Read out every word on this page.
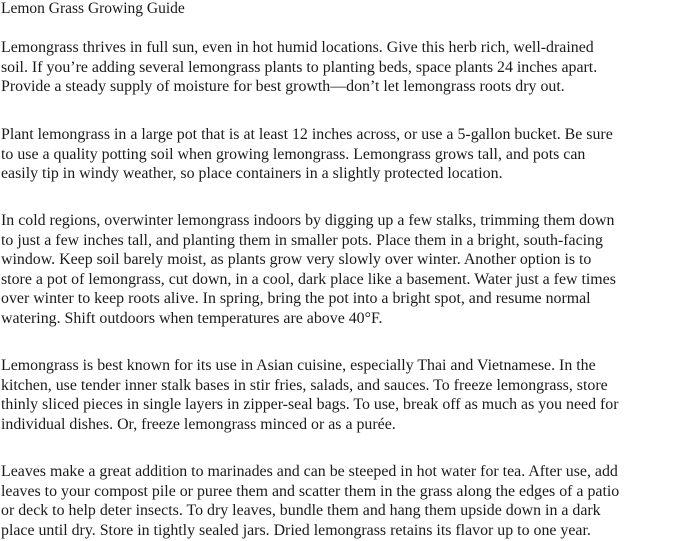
Lemon Grass Growing Guide

Lemongrass thrives in full sun, even in hot humid locations. Give this herb rich, well-drained
soil. If you’re adding several lemongrass plants to planting beds, space plants 24 inches apart.
Provide a steady supply of moisture for best growth—don’t let lemongrass roots dry out.

Plant lemongrass in a large pot that is at least 12 inches across, or use a 5-gallon bucket. Be sure
to use a quality potting soil when growing lemongrass. Lemongrass grows tall, and pots can
easily tip in windy weather, so place containers in a slightly protected location.

In cold regions, overwinter lemongrass indoors by digging up a few stalks, trimming them down
to just a few inches tall, and planting them in smaller pots. Place them in a bright, south-facing
window. Keep soil barely moist, as plants grow very slowly over winter. Another option is to
store a pot of lemongrass, cut down, in a cool, dark place like a basement. Water just a few times
over winter to keep roots alive. In spring, bring the pot into a bright spot, and resume normal
watering. Shift outdoors when temperatures are above 40°F.

Lemongrass is best known for its use in Asian cuisine, especially Thai and Vietnamese. In the
kitchen, use tender inner stalk bases in stir fries, salads, and sauces. To freeze lemongrass, store
thinly sliced pieces in single layers in zipper-seal bags. To use, break off as much as you need for
individual dishes. Or, freeze lemongrass minced or as a purée.

Leaves make a great addition to marinades and can be steeped in hot water for tea. After use, add
leaves to your compost pile or puree them and scatter them in the grass along the edges of a patio
or deck to help deter insects. To dry leaves, bundle them and hang them upside down in a dark
place until dry. Store in tightly sealed jars. Dried lemongrass retains its flavor up to one year.
